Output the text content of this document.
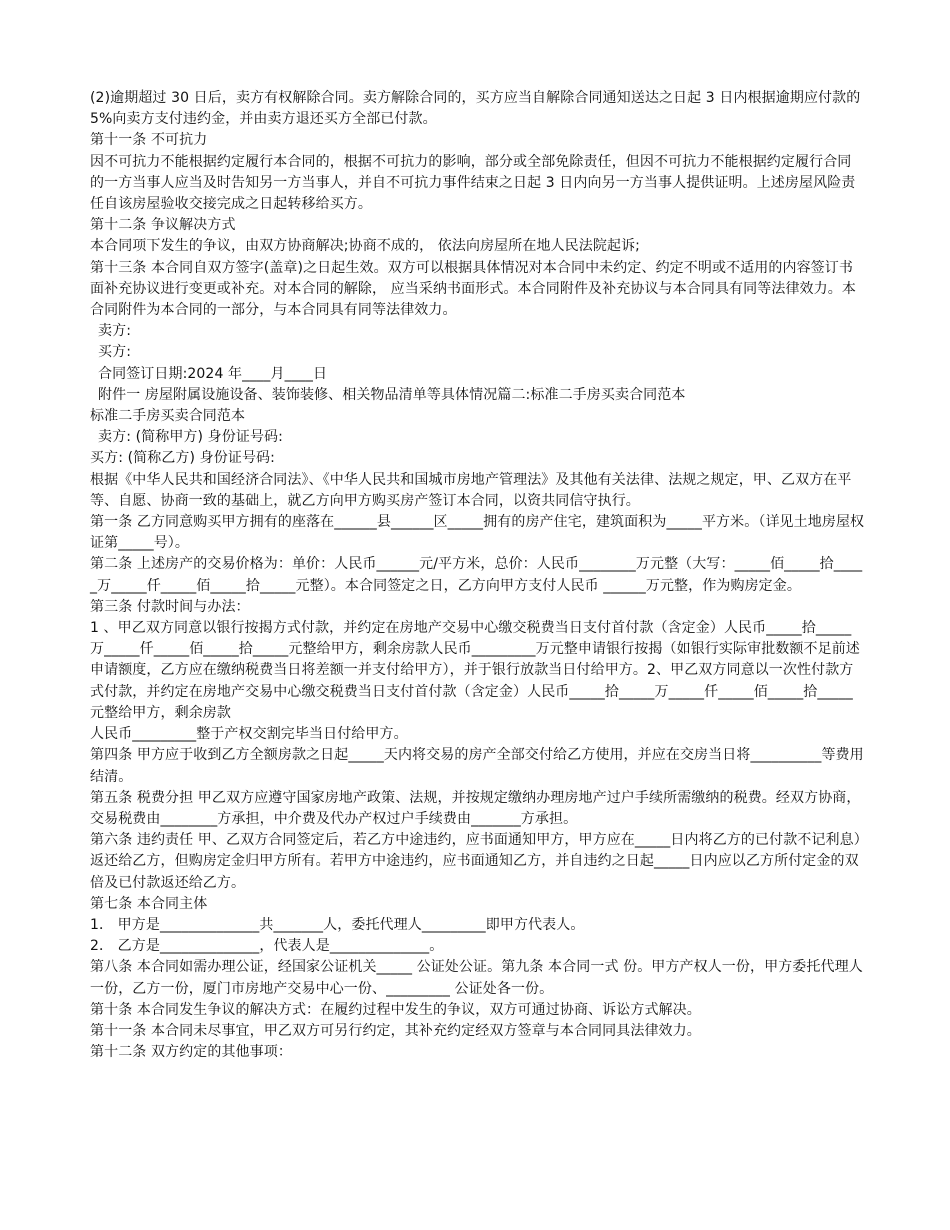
(2)逾期超过 30 日后，卖方有权解除合同。卖方解除合同的，买方应当自解除合同通知送达之日起 3 日内根据逾期应付款的 5%向卖方支付违约金，并由卖方退还买方全部已付款。

第十一条 不可抗力

因不可抗力不能根据约定履行本合同的，根据不可抗力的影响，部分或全部免除责任，但因不可抗力不能根据约定履行合同的一方当事人应当及时告知另一方当事人，并自不可抗力事件结束之日起 3 日内向另一方当事人提供证明。上述房屋风险责任自该房屋验收交接完成之日起转移给买方。

第十二条 争议解决方式

本合同项下发生的争议，由双方协商解决;协商不成的， 依法向房屋所在地人民法院起诉;

第十三条 本合同自双方签字(盖章)之日起生效。双方可以根据具体情况对本合同中未约定、约定不明或不适用的内容签订书面补充协议进行变更或补充。对本合同的解除， 应当采纳书面形式。本合同附件及补充协议与本合同具有同等法律效力。本合同附件为本合同的一部分，与本合同具有同等法律效力。

卖方:

买方:

合同签订日期:2024 年____月____日

附件一 房屋附属设施设备、装饰装修、相关物品清单等具体情况篇二:标准二手房买卖合同范本

标准二手房买卖合同范本

卖方: (简称甲方) 身份证号码:

买方: (简称乙方) 身份证号码:

根据《中华人民共和国经济合同法》、《中华人民共和国城市房地产管理法》及其他有关法律、法规之规定，甲、乙双方在平等、自愿、协商一致的基础上，就乙方向甲方购买房产签订本合同，以资共同信守执行。

第一条 乙方同意购买甲方拥有的座落在______县______区_____拥有的房产住宅，建筑面积为_____平方米。（详见土地房屋权证第_____号）。

第二条 上述房产的交易价格为：单价：人民币______元/平方米，总价：人民币________万元整（大写：_____佰_____拾_____万_____仟_____佰_____拾_____元整）。本合同签定之日，乙方向甲方支付人民币 ______万元整，作为购房定金。

第三条 付款时间与办法：

1 、甲乙双方同意以银行按揭方式付款，并约定在房地产交易中心缴交税费当日支付首付款（含定金）人民币_____拾_____万_____仟_____佰_____拾_____元整给甲方，剩余房款人民币_________万元整申请银行按揭（如银行实际审批数额不足前述申请额度，乙方应在缴纳税费当日将差额一并支付给甲方），并于银行放款当日付给甲方。2、甲乙双方同意以一次性付款方式付款，并约定在房地产交易中心缴交税费当日支付首付款（含定金）人民币_____拾_____万_____仟_____佰_____拾_____元整给甲方，剩余房款

人民币_________整于产权交割完毕当日付给甲方。

第四条 甲方应于收到乙方全额房款之日起_____天内将交易的房产全部交付给乙方使用，并应在交房当日将__________等费用结清。

第五条 税费分担 甲乙双方应遵守国家房地产政策、法规，并按规定缴纳办理房地产过户手续所需缴纳的税费。经双方协商，交易税费由________方承担，中介费及代办产权过户手续费由_______方承担。

第六条 违约责任 甲、乙双方合同签定后，若乙方中途违约，应书面通知甲方，甲方应在_____日内将乙方的已付款不记利息）返还给乙方，但购房定金归甲方所有。若甲方中途违约，应书面通知乙方，并自违约之日起_____日内应以乙方所付定金的双倍及已付款返还给乙方。

第七条 本合同主体

1． 甲方是______________共_______人，委托代理人_________即甲方代表人。

2． 乙方是______________，代表人是______________。

第八条 本合同如需办理公证，经国家公证机关_____ 公证处公证。第九条 本合同一式 份。甲方产权人一份，甲方委托代理人一份，乙方一份，厦门市房地产交易中心一份、_________ 公证处各一份。

第十条 本合同发生争议的解决方式：在履约过程中发生的争议，双方可通过协商、诉讼方式解决。

第十一条 本合同未尽事宜，甲乙双方可另行约定，其补充约定经双方签章与本合同同具法律效力。

第十二条 双方约定的其他事项：
